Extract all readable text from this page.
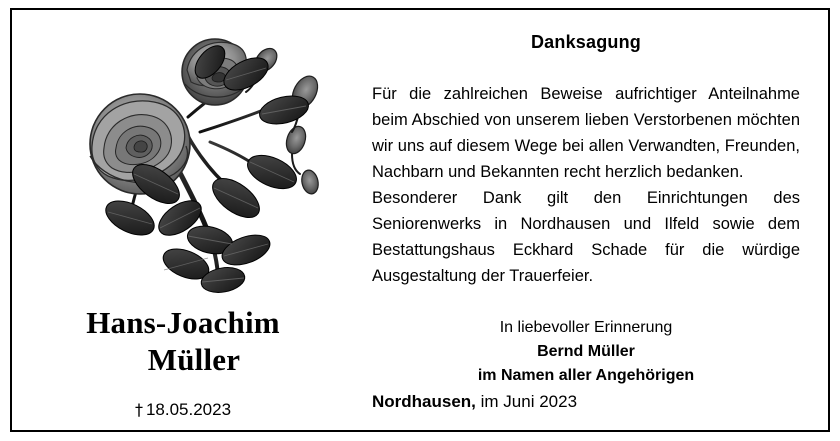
Hans-Joachim
Müller
† 18.05.2023
Danksagung

Für die zahlreichen Beweise aufrichtiger Anteilnahme beim Abschied von unserem lieben Verstorbenen möchten wir uns auf diesem Wege bei allen Verwandten, Freunden, Nachbarn und Bekannten recht herzlich bedanken.

Besonderer Dank gilt den Einrichtungen des Seniorenwerks in Nordhausen und Ilfeld sowie dem Bestattungshaus Eckhard Schade für die würdige Ausgestaltung der Trauerfeier.

In liebevoller Erinnerung
Bernd Müller
im Namen aller Angehörigen
Nordhausen, im Juni 2023
